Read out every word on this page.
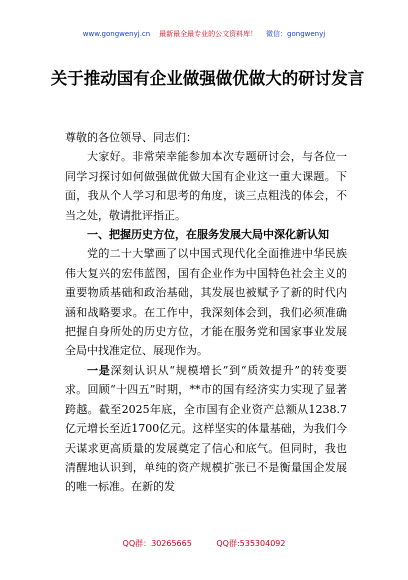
www.gongwenyj.cn 最新最全最专业的公文资料库！ 微信：gongwenyj
关于推动国有企业做强做优做大的研讨发言

尊敬的各位领导、同志们：

大家好。非常荣幸能参加本次专题研讨会，与各位一同学习探讨如何做强做优做大国有企业这一重大课题。下面，我从个人学习和思考的角度，谈三点粗浅的体会，不当之处，敬请批评指正。

一、把握历史方位，在服务发展大局中深化新认知

党的二十大擘画了以中国式现代化全面推进中华民族伟大复兴的宏伟蓝图，国有企业作为中国特色社会主义的重要物质基础和政治基础，其发展也被赋予了新的时代内涵和战略要求。在工作中，我深刻体会到，我们必须准确把握自身所处的历史方位，才能在服务党和国家事业发展全局中找准定位、展现作为。

一是深刻认识从“规模增长”到“质效提升”的转变要求。回顾“十四五”时期，**市的国有经济实力实现了显著跨越。截至2025年底，全市国有企业资产总额从1238.7亿元增长至近1700亿元。这样坚实的体量基础，为我们今天谋求更高质量的发展奠定了信心和底气。但同时，我也清醒地认识到，单纯的资产规模扩张已不是衡量国企发展的唯一标准。在新的发

QQ群：30265665	QQ群:535304092
